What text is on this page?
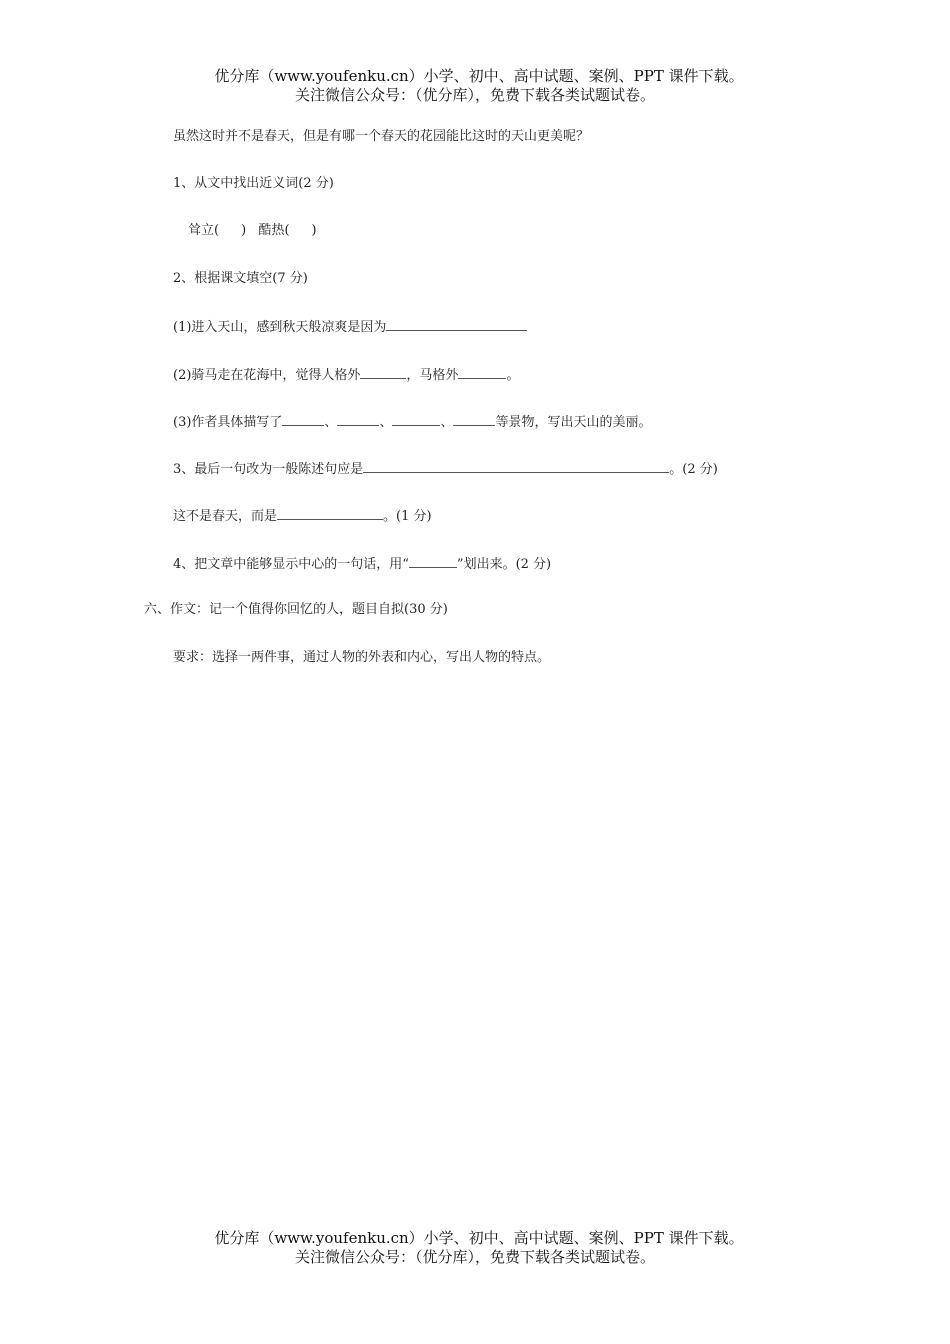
优分库（www.youfenku.cn）小学、初中、高中试题、案例、PPT 课件下载。
关注微信公众号：（优分库），免费下载各类试题试卷。
虽然这时并不是春天，但是有哪一个春天的花园能比这时的天山更美呢？
1、从文中找出近义词(2 分)
耸立( ) 酷热( )
2、根据课文填空(7 分)
(1)进入天山，感到秋天般凉爽是因为
(2)骑马走在花海中，觉得人格外	，马格外	。
(3)作者具体描写了	、	、	、	等景物，写出天山的美丽。
3、最后一句改为一般陈述句应是	。(2 分)
这不是春天，而是	。(1 分)
4、把文章中能够显示中心的一句话，用“	”划出来。(2 分)
六、作文：记一个值得你回忆的人，题目自拟(30 分)
要求：选择一两件事，通过人物的外表和内心，写出人物的特点。
优分库（www.youfenku.cn）小学、初中、高中试题、案例、PPT 课件下载。
关注微信公众号：（优分库），免费下载各类试题试卷。
